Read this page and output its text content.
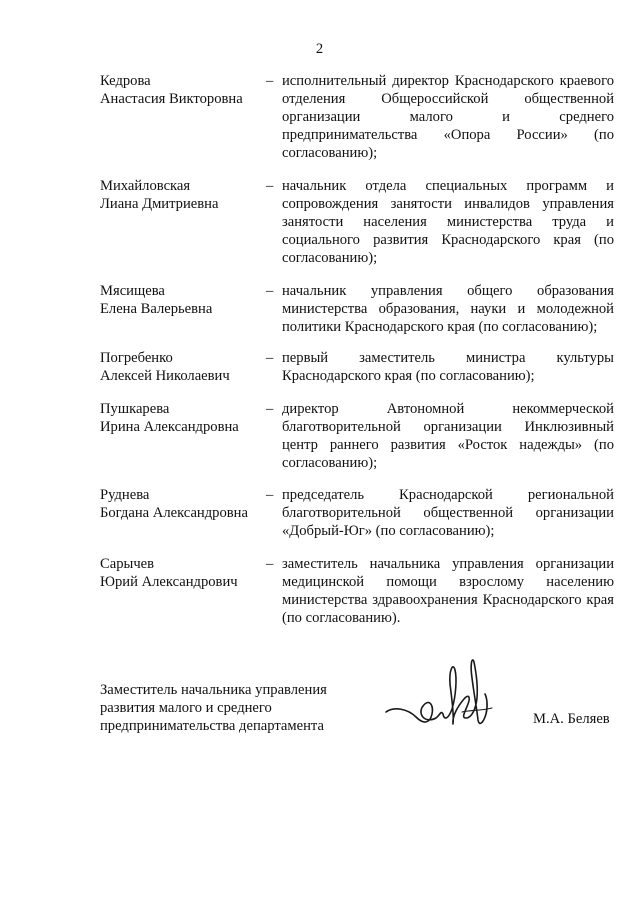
2
Кедрова
Анастасия Викторовна
– исполнительный директор Краснодарского краевого отделения Общероссийской общественной организации малого и среднего предпринимательства «Опора России» (по согласованию);
Михайловская
Лиана Дмитриевна
– начальник отдела специальных программ и сопровождения занятости инвалидов управления занятости населения министерства труда и социального развития Краснодарского края (по согласованию);
Мясищева
Елена Валерьевна
– начальник управления общего образования министерства образования, науки и молодежной политики Краснодарского края (по согласованию);
Погребенко
Алексей Николаевич
– первый заместитель министра культуры Краснодарского края (по согласованию);
Пушкарева
Ирина Александровна
– директор Автономной некоммерческой благотворительной организации Инклюзивный центр раннего развития «Росток надежды» (по согласованию);
Руднева
Богдана Александровна
– председатель Краснодарской региональной благотворительной общественной организации «Добрый-Юг» (по согласованию);
Сарычев
Юрий Александрович
– заместитель начальника управления организации медицинской помощи взрослому населению министерства здравоохранения Краснодарского края (по согласованию).
Заместитель начальника управления
развития малого и среднего
предпринимательства департамента	М.А. Беляев
